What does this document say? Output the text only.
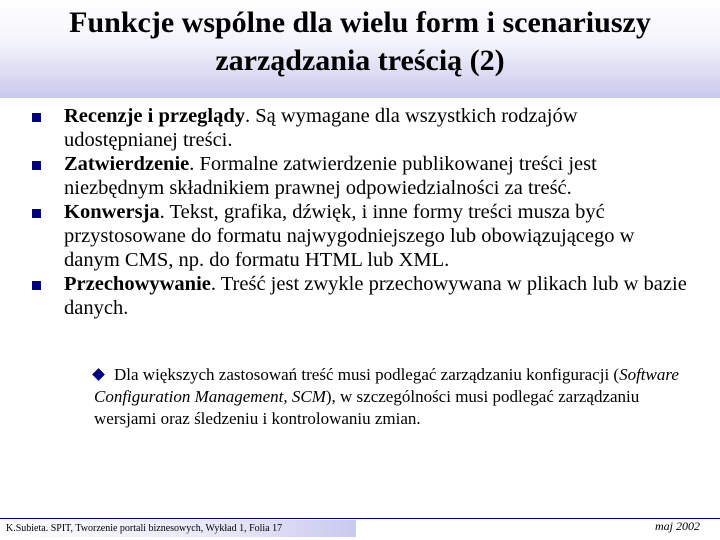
Funkcje wspólne dla wielu form i scenariuszy
zarządzania treścią (2)
Recenzje i przeglądy. Są wymagane dla wszystkich rodzajów udostępnianej treści.
Zatwierdzenie. Formalne zatwierdzenie publikowanej treści jest niezbędnym składnikiem prawnej odpowiedzialności za treść.
Konwersja. Tekst, grafika, dźwięk, i inne formy treści musza być przystosowane do formatu najwygodniejszego lub obowiązującego w danym CMS, np. do formatu HTML lub XML.
Przechowywanie. Treść jest zwykle przechowywana w plikach lub w bazie danych.
Dla większych zastosowań treść musi podlegać zarządzaniu konfiguracji (Software Configuration Management, SCM), w szczególności musi podlegać zarządzaniu wersjami oraz śledzeniu i kontrolowaniu zmian.
K.Subieta. SPIT, Tworzenie portali biznesowych, Wykład 1, Folia 17	maj 2002
